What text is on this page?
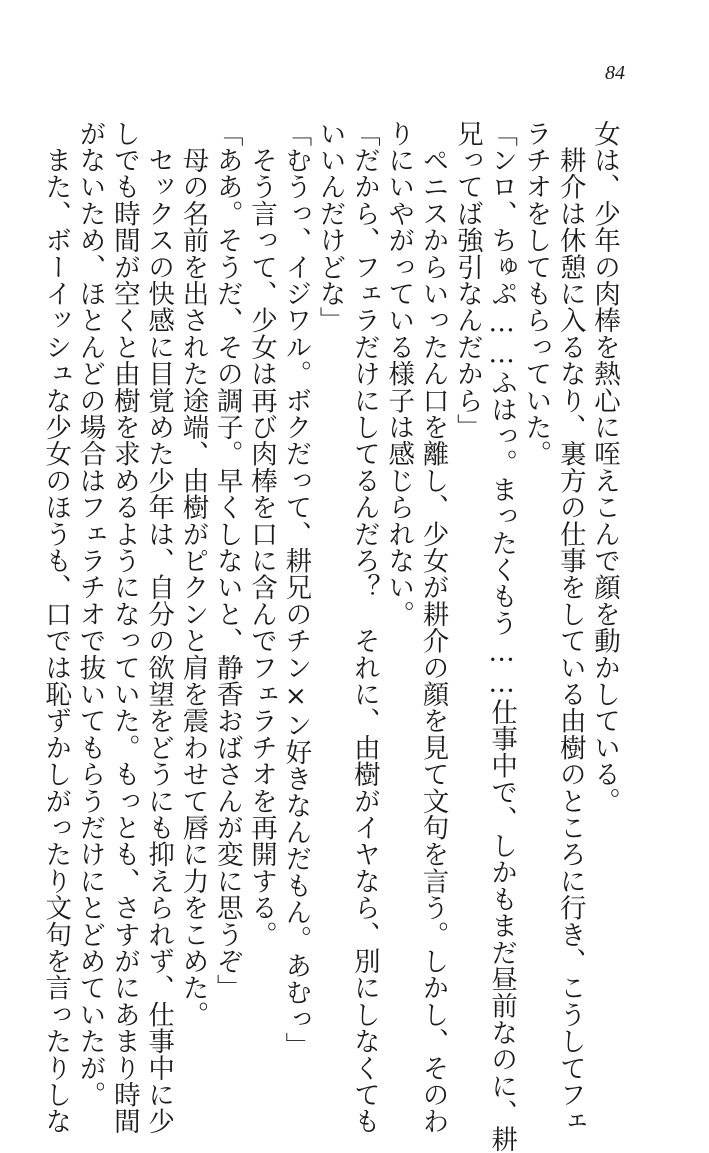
84
女は、少年の肉棒を熱心に咥えこんで顔を動かしている。
　耕介は休憩に入るなり、裏方の仕事をしている由樹のところに行き、こうしてフェ
ラチオをしてもらっていた。
「ンロ、ちゅぷ……ふはっ。まったくもう……仕事中で、しかもまだ昼前なのに、耕
兄ってば強引なんだから」
　ペニスからいったん口を離し、少女が耕介の顔を見て文句を言う。しかし、そのわ
りにいやがっている様子は感じられない。
「だから、フェラだけにしてるんだろ？　それに、由樹がイヤなら、別にしなくても
いいんだけどな」
「むうっ、イジワル。ボクだって、耕兄のチン×ン好きなんだもん。あむっ」
　そう言って、少女は再び肉棒を口に含んでフェラチオを再開する。
「ああ。そうだ、その調子。早くしないと、静香おばさんが変に思うぞ」
　母の名前を出された途端、由樹がピクンと肩を震わせて唇に力をこめた。
　セックスの快感に目覚めた少年は、自分の欲望をどうにも抑えられず、仕事中に少
しでも時間が空くと由樹を求めるようになっていた。もっとも、さすがにあまり時間
がないため、ほとんどの場合はフェラチオで抜いてもらうだけにとどめていたが。
　また、ボーイッシュな少女のほうも、口では恥ずかしがったり文句を言ったりしな
